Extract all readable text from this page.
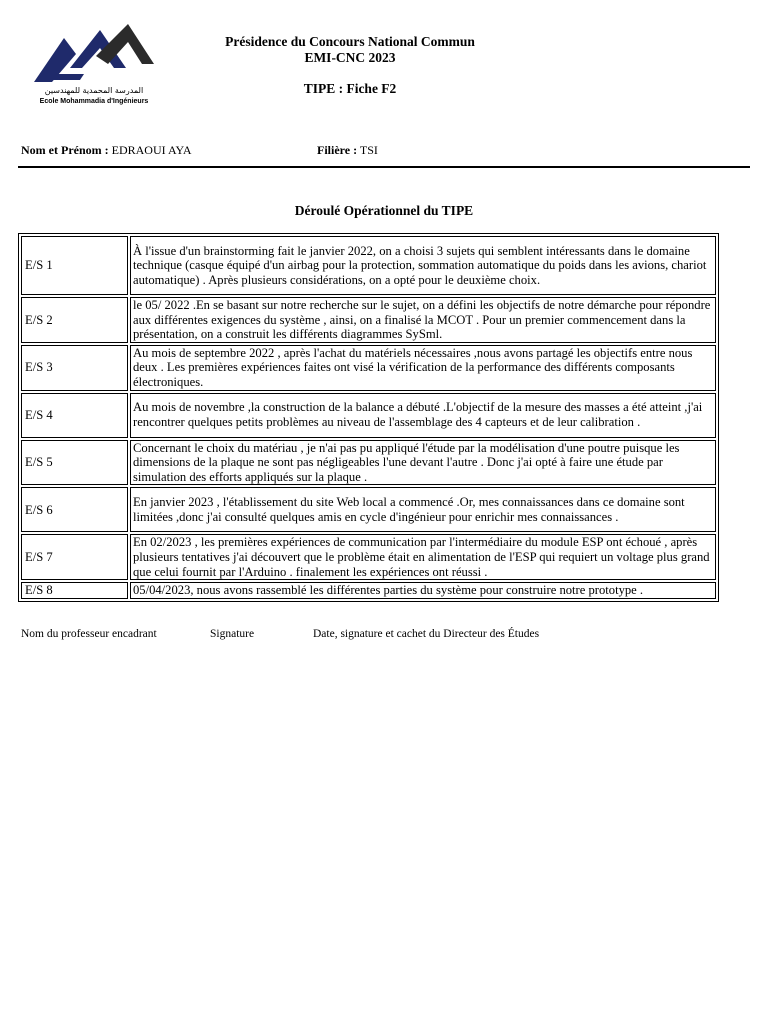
المدرسة المحمدية للمهندسين
Ecole Mohammadia d'Ingénieurs
Présidence du Concours National Commun
EMI-CNC 2023
TIPE : Fiche F2
Nom et Prénom : EDRAOUI AYA	Filière : TSI
Déroulé Opérationnel du TIPE
E/S 1	À l'issue d'un brainstorming fait le janvier 2022, on a choisi 3 sujets qui semblent intéressants dans le domaine technique (casque équipé d'un airbag pour la protection, sommation automatique du poids dans les avions, chariot automatique) . Après plusieurs considérations, on a opté pour le deuxième choix.
E/S 2	le 05/ 2022 .En se basant sur notre recherche sur le sujet, on a défini les objectifs de notre démarche pour répondre aux différentes exigences du système , ainsi, on a finalisé la MCOT . Pour un premier commencement dans la présentation, on a construit les différents diagrammes SySml.
E/S 3	Au mois de septembre 2022 , après l'achat du matériels nécessaires ,nous avons partagé les objectifs entre nous deux . Les premières expériences faites ont visé la vérification de la performance des différents composants électroniques.
E/S 4	Au mois de novembre ,la construction de la balance a débuté .L'objectif de la mesure des masses a été atteint ,j'ai rencontrer quelques petits problèmes au niveau de l'assemblage des 4 capteurs et de leur calibration .
E/S 5	Concernant le choix du matériau , je n'ai pas pu appliqué l'étude par la modélisation d'une poutre puisque les dimensions de la plaque ne sont pas négligeables l'une devant l'autre . Donc j'ai opté à faire une étude par simulation des efforts appliqués sur la plaque .
E/S 6	En janvier 2023 , l'établissement du site Web local a commencé .Or, mes connaissances dans ce domaine sont limitées ,donc j'ai consulté quelques amis en cycle d'ingénieur pour enrichir mes connaissances .
E/S 7	En 02/2023 , les premières expériences de communication par l'intermédiaire du module ESP ont échoué , après plusieurs tentatives j'ai découvert que le problème était en alimentation de l'ESP qui requiert un voltage plus grand que celui fournit par l'Arduino . finalement les expériences ont réussi .
E/S 8	05/04/2023, nous avons rassemblé les différentes parties du système pour construire notre prototype .
Nom du professeur encadrant	Signature	Date, signature et cachet du Directeur des Études
